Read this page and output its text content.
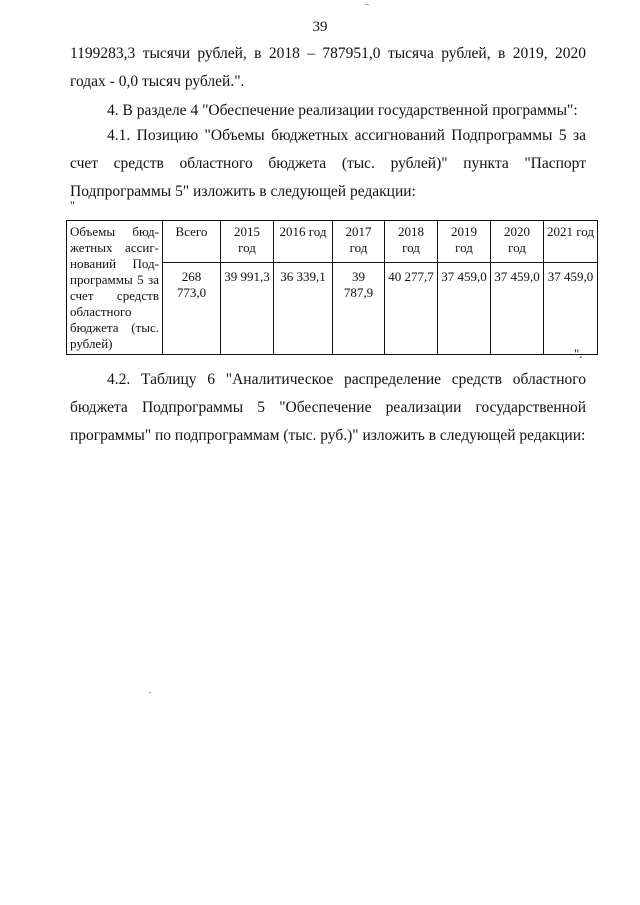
39

1199283,3 тысячи рублей, в 2018 – 787951,0 тысяча рублей, в 2019, 2020 годах - 0,0 тысяч рублей.".

4. В разделе 4 "Обеспечение реализации государственной программы":

4.1. Позицию "Объемы бюджетных ассигнований Подпрограммы 5 за счет средств областного бюджета (тыс. рублей)" пункта "Паспорт Подпрограммы 5" изложить в следующей редакции:

"
Объемы бюджетных ассигнований Подпрограммы 5 за счет средств областного бюджета (тыс. рублей)	Всего	2015 год	2016 год	2017 год	2018 год	2019 год	2020 год	2021 год
	268 773,0	39 991,3	36 339,1	39 787,9	40 277,7	37 459,0	37 459,0	37 459,0
".

4.2. Таблицу 6 "Аналитическое распределение средств областного бюджета Подпрограммы 5 "Обеспечение реализации государственной программы" по подпрограммам (тыс. руб.)" изложить в следующей редакции:
